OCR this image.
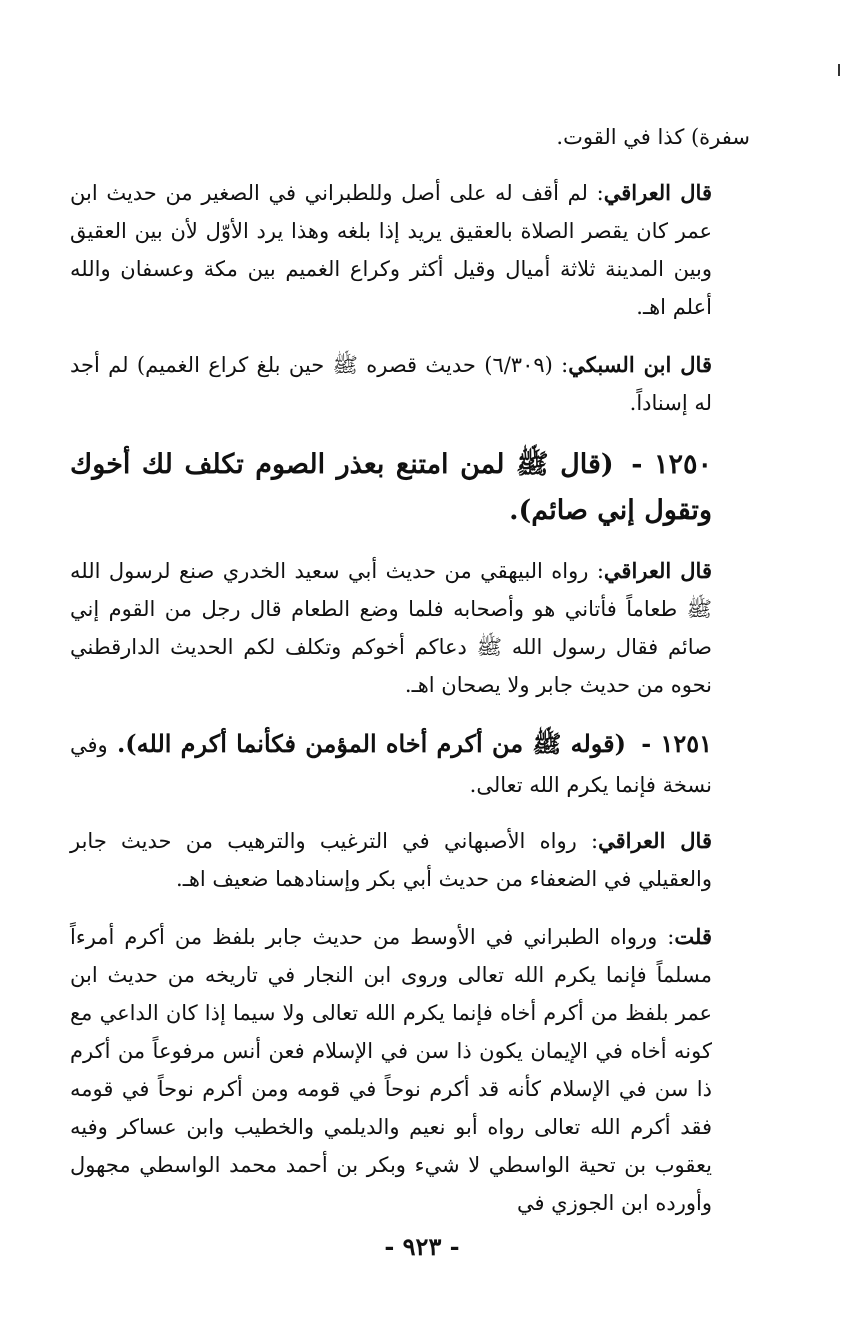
سفرة) كذا في القوت.

قال العراقي: لم أقف له على أصل وللطبراني في الصغير من حديث ابن عمر كان يقصر الصلاة بالعقيق يريد إذا بلغه وهذا يرد الأوّل لأن بين العقيق وبين المدينة ثلاثة أميال وقيل أكثر وكراع الغميم بين مكة وعسفان والله أعلم اهـ.

قال ابن السبكي: (٦/٣٠٩) حديث قصره ﷺ حين بلغ كراع الغميم) لم أجد له إسناداً.

١٢٥٠ - (قال ﷺ لمن امتنع بعذر الصوم تكلف لك أخوك وتقول إني صائم).

قال العراقي: رواه البيهقي من حديث أبي سعيد الخدري صنع لرسول الله ﷺ طعاماً فأتاني هو وأصحابه فلما وضع الطعام قال رجل من القوم إني صائم فقال رسول الله ﷺ دعاكم أخوكم وتكلف لكم الحديث الدارقطني نحوه من حديث جابر ولا يصحان اهـ.

١٢٥١ - (قوله ﷺ من أكرم أخاه المؤمن فكأنما أكرم الله). وفي نسخة فإنما يكرم الله تعالى.

قال العراقي: رواه الأصبهاني في الترغيب والترهيب من حديث جابر والعقيلي في الضعفاء من حديث أبي بكر وإسنادهما ضعيف اهـ.

قلت: ورواه الطبراني في الأوسط من حديث جابر بلفظ من أكرم أمرءاً مسلماً فإنما يكرم الله تعالى وروى ابن النجار في تاريخه من حديث ابن عمر بلفظ من أكرم أخاه فإنما يكرم الله تعالى ولا سيما إذا كان الداعي مع كونه أخاه في الإيمان يكون ذا سن في الإسلام فعن أنس مرفوعاً من أكرم ذا سن في الإسلام كأنه قد أكرم نوحاً في قومه ومن أكرم نوحاً في قومه فقد أكرم الله تعالى رواه أبو نعيم والديلمي والخطيب وابن عساكر وفيه يعقوب بن تحية الواسطي لا شيء وبكر بن أحمد محمد الواسطي مجهول وأورده ابن الجوزي في

- ٩٢٣ -
